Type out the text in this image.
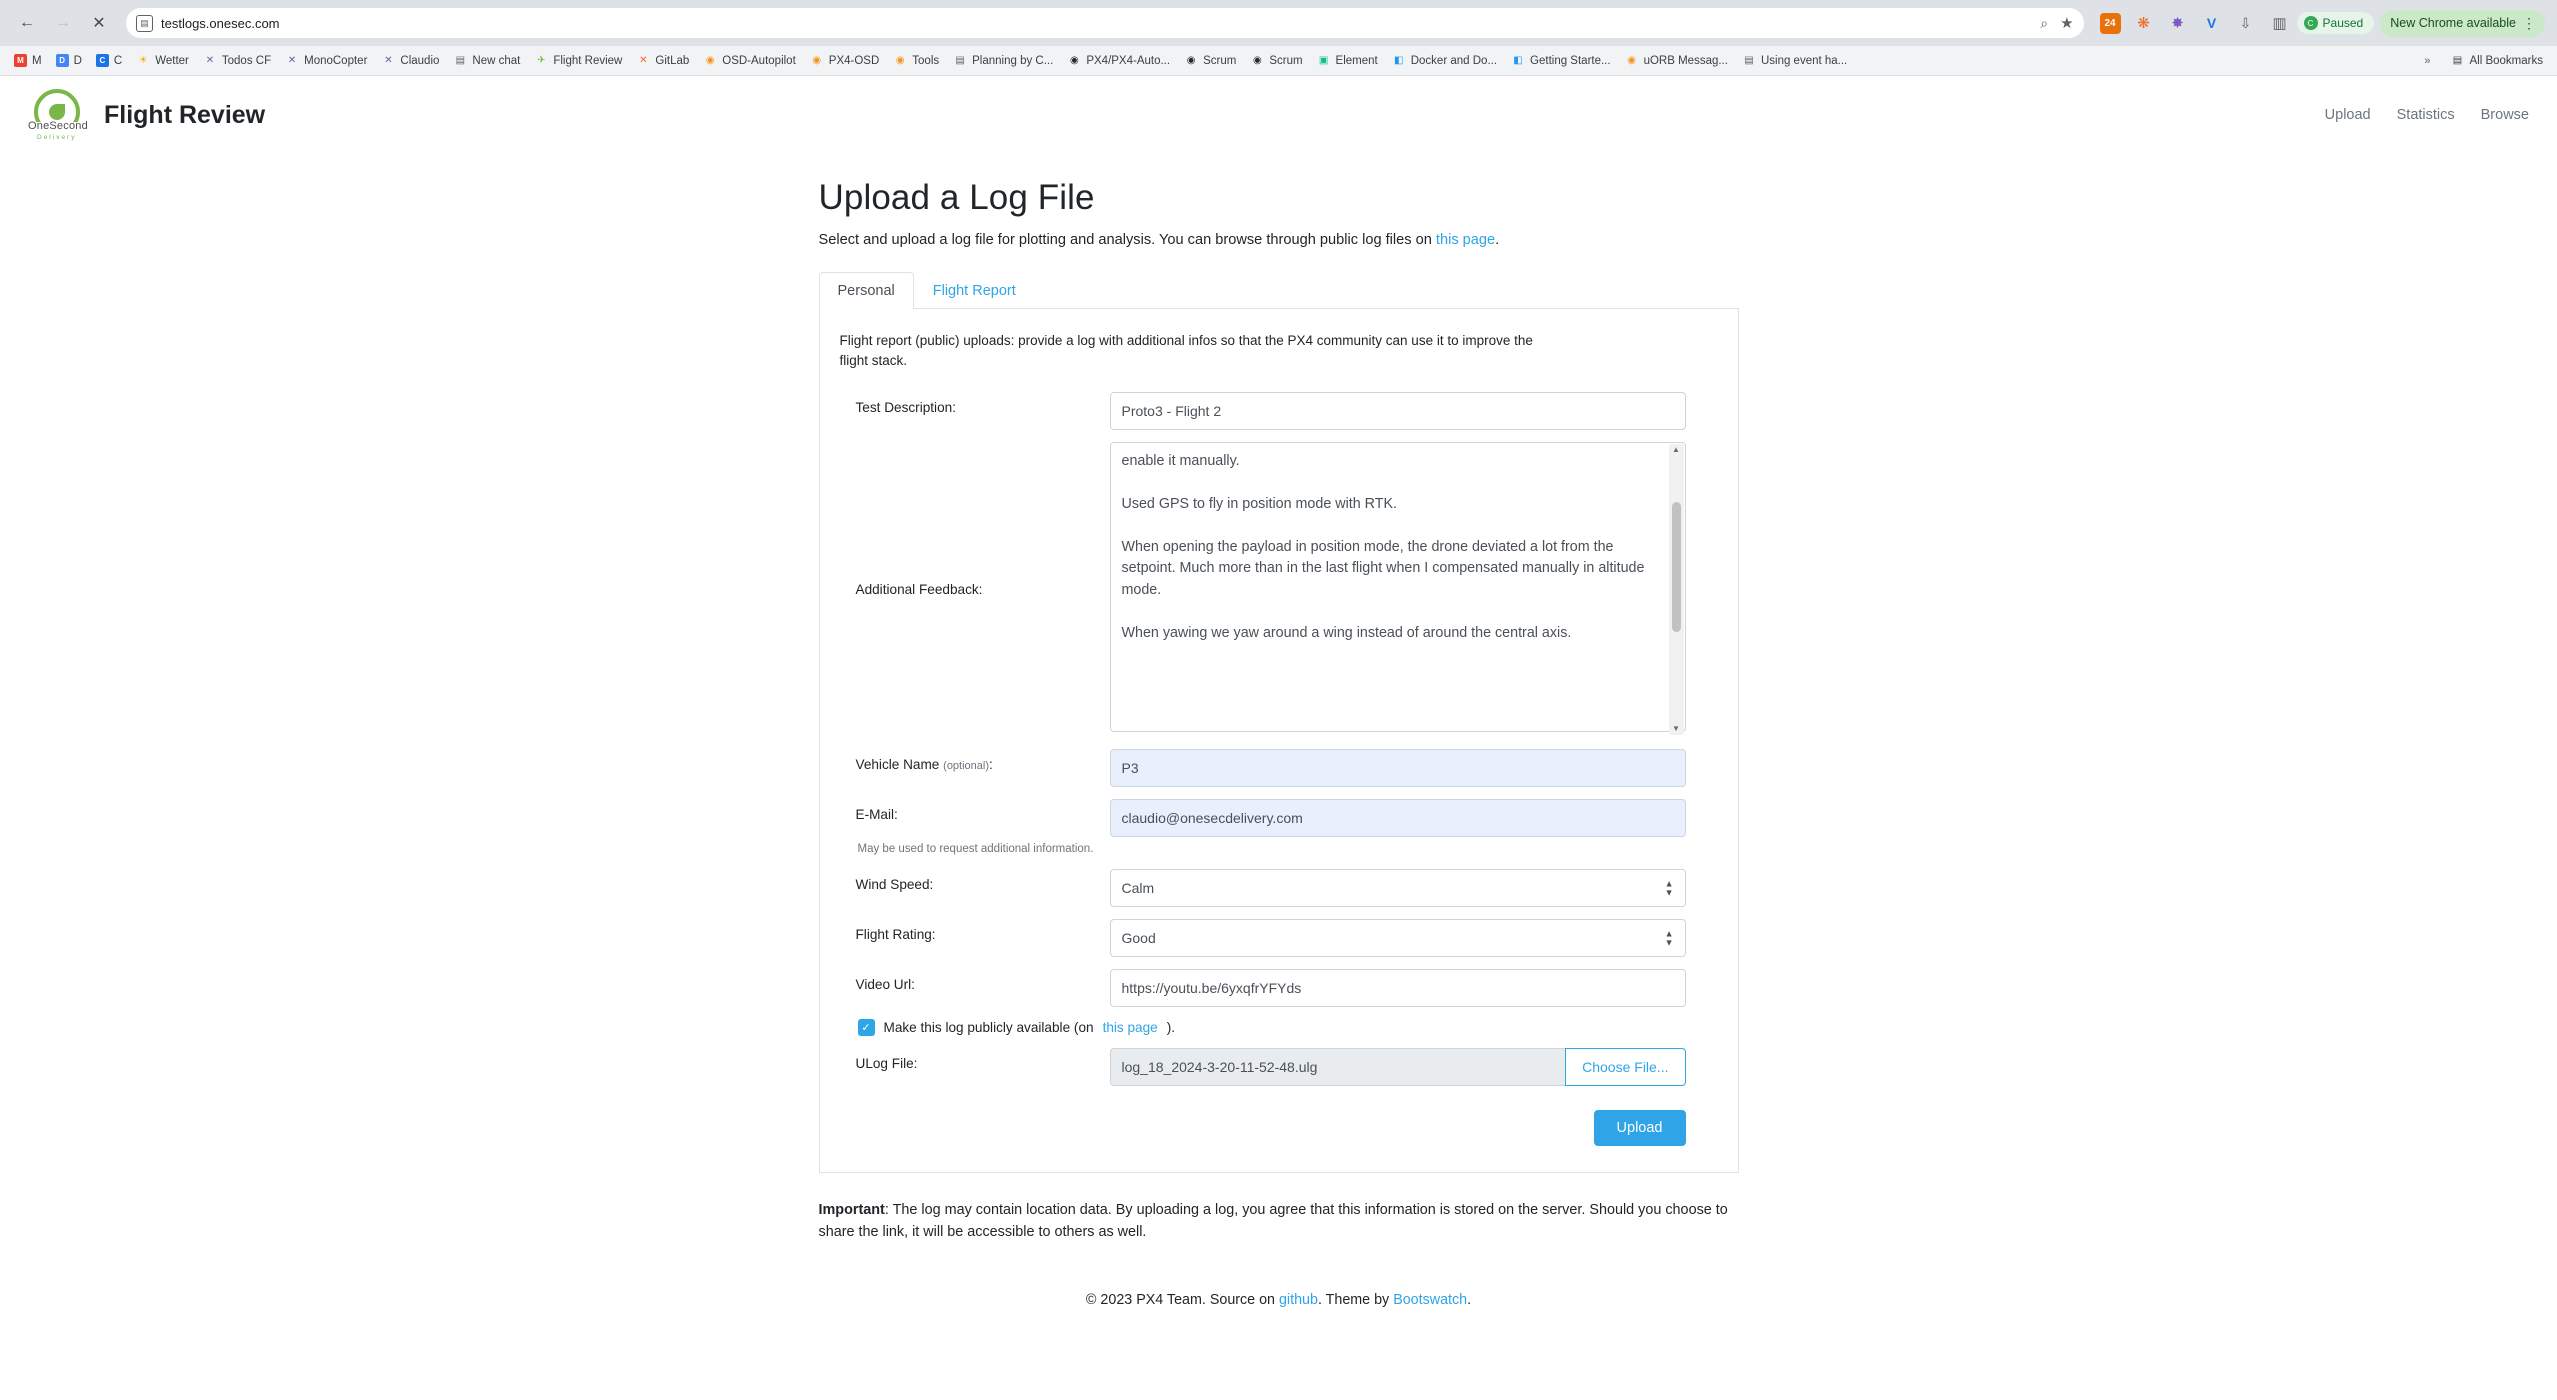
← → ✕	▤ testlogs.onesec.com	⌕ ★	24	❋	✸	V	⇩	▥	C Paused New Chrome available ⋮
M M	D D	C C ☀ Wetter ✕ Todos CF ✕ MonoCopter ✕ Claudio ▤ New chat ✈ Flight Review ✕ GitLab ◉ OSD-Autopilot ◉ PX4-OSD ◉ Tools ▤ Planning by C... ◉ PX4/PX4-Auto... ◉ Scrum ◉ Scrum ▣ Element ◧ Docker and Do... ◧ Getting Starte... ◉ uORB Messag... ▤ Using event ha...	»	▤ All Bookmarks
OneSecond
Delivery
Flight Review	Upload Statistics Browse
Upload a Log File

Select and upload a log file for plotting and analysis. You can browse through public log files on this page.

Personal	Flight Report
Flight report (public) uploads: provide a log with additional infos so that the PX4 community can use it to improve the flight stack.
Test Description:
Proto3 - Flight 2
Additional Feedback:
enable it manually. Used GPS to fly in position mode with RTK. When opening the payload in position mode, the drone deviated a lot from the setpoint. Much more than in the last flight when I compensated manually in altitude mode. When yawing we yaw around a wing instead of around the central axis.
▲
▼
Vehicle Name (optional):
P3
E-Mail:
claudio@onesecdelivery.com
May be used to request additional information.
Wind Speed:
Calm	▲
▼
Flight Rating:
Good	▲
▼
Video Url:
https://youtu.be/6yxqfrYFYds
✓ Make this log publicly available (on this page ).
ULog File:	log_18_2024-3-20-11-52-48.ulg	Choose File...
Upload

Important: The log may contain location data. By uploading a log, you agree that this information is stored on the server. Should you choose to share the link, it will be accessible to others as well.

© 2023 PX4 Team. Source on github. Theme by Bootswatch.
